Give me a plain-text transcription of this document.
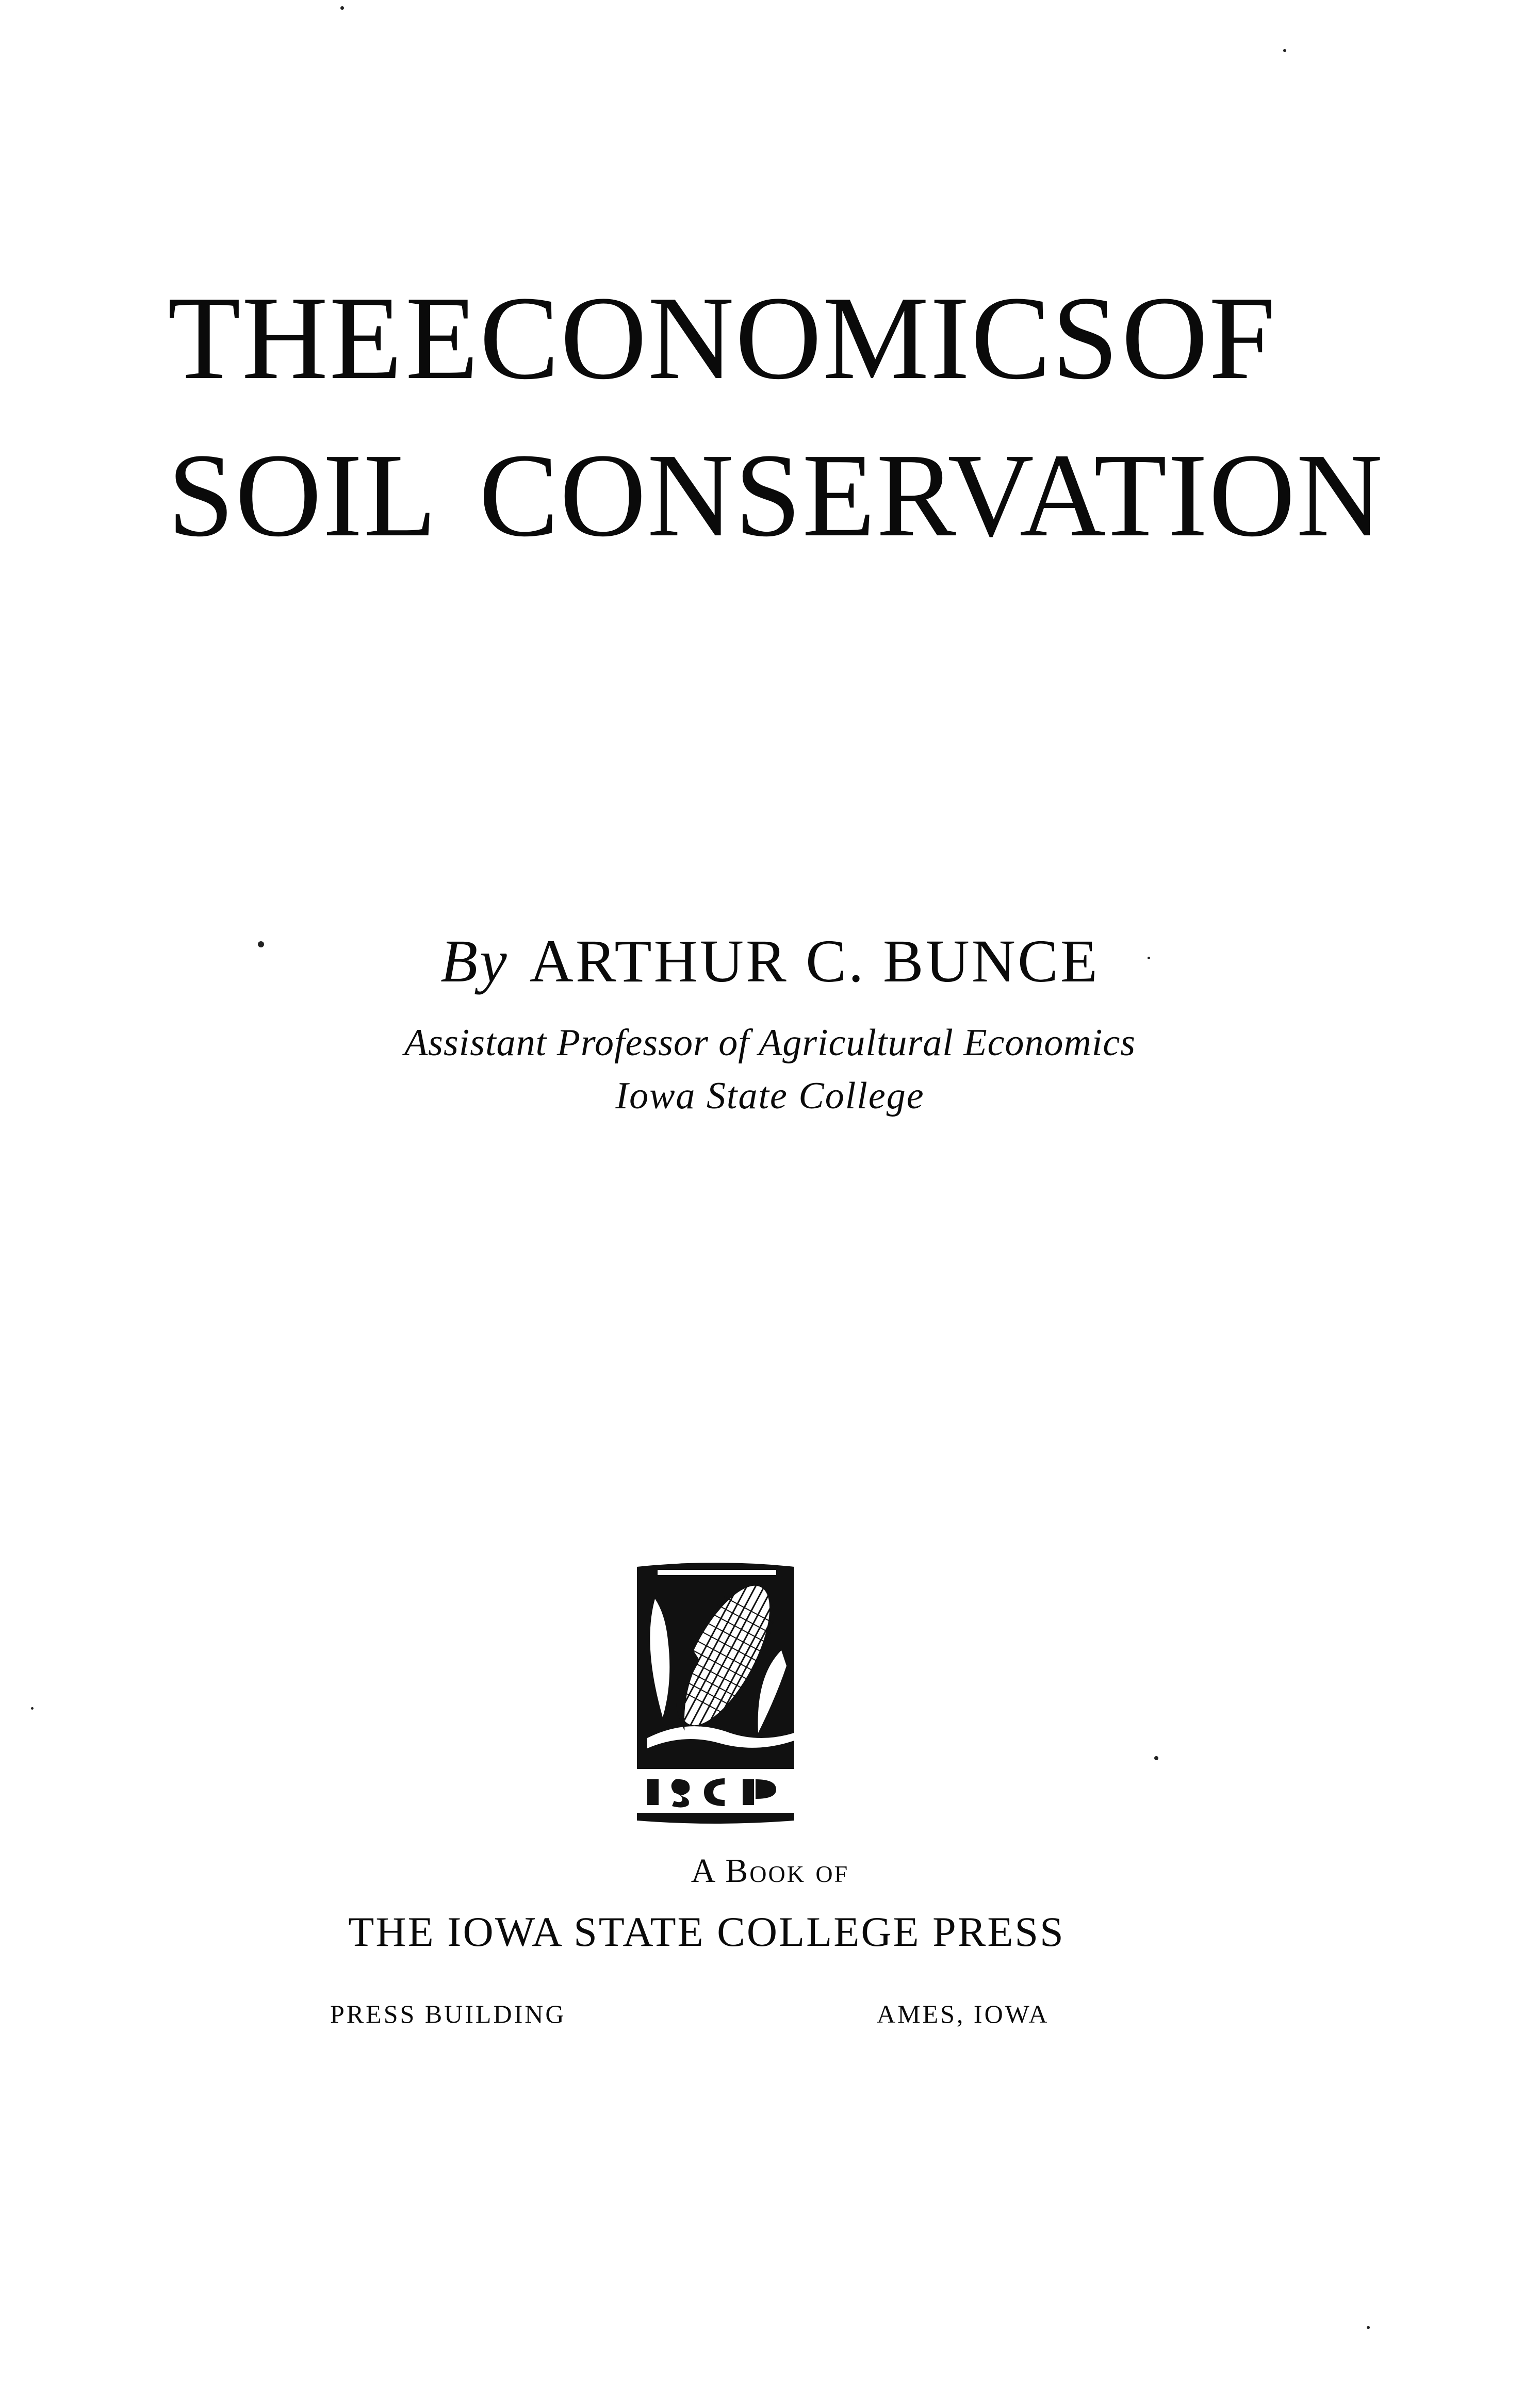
THE ECONOMICS OF
SOIL CONSERVATION
By ARTHUR C. BUNCE
Assistant Professor of Agricultural Economics
Iowa State College
A Book of
THE IOWA STATE COLLEGE PRESS
PRESS BUILDING	AMES, IOWA
